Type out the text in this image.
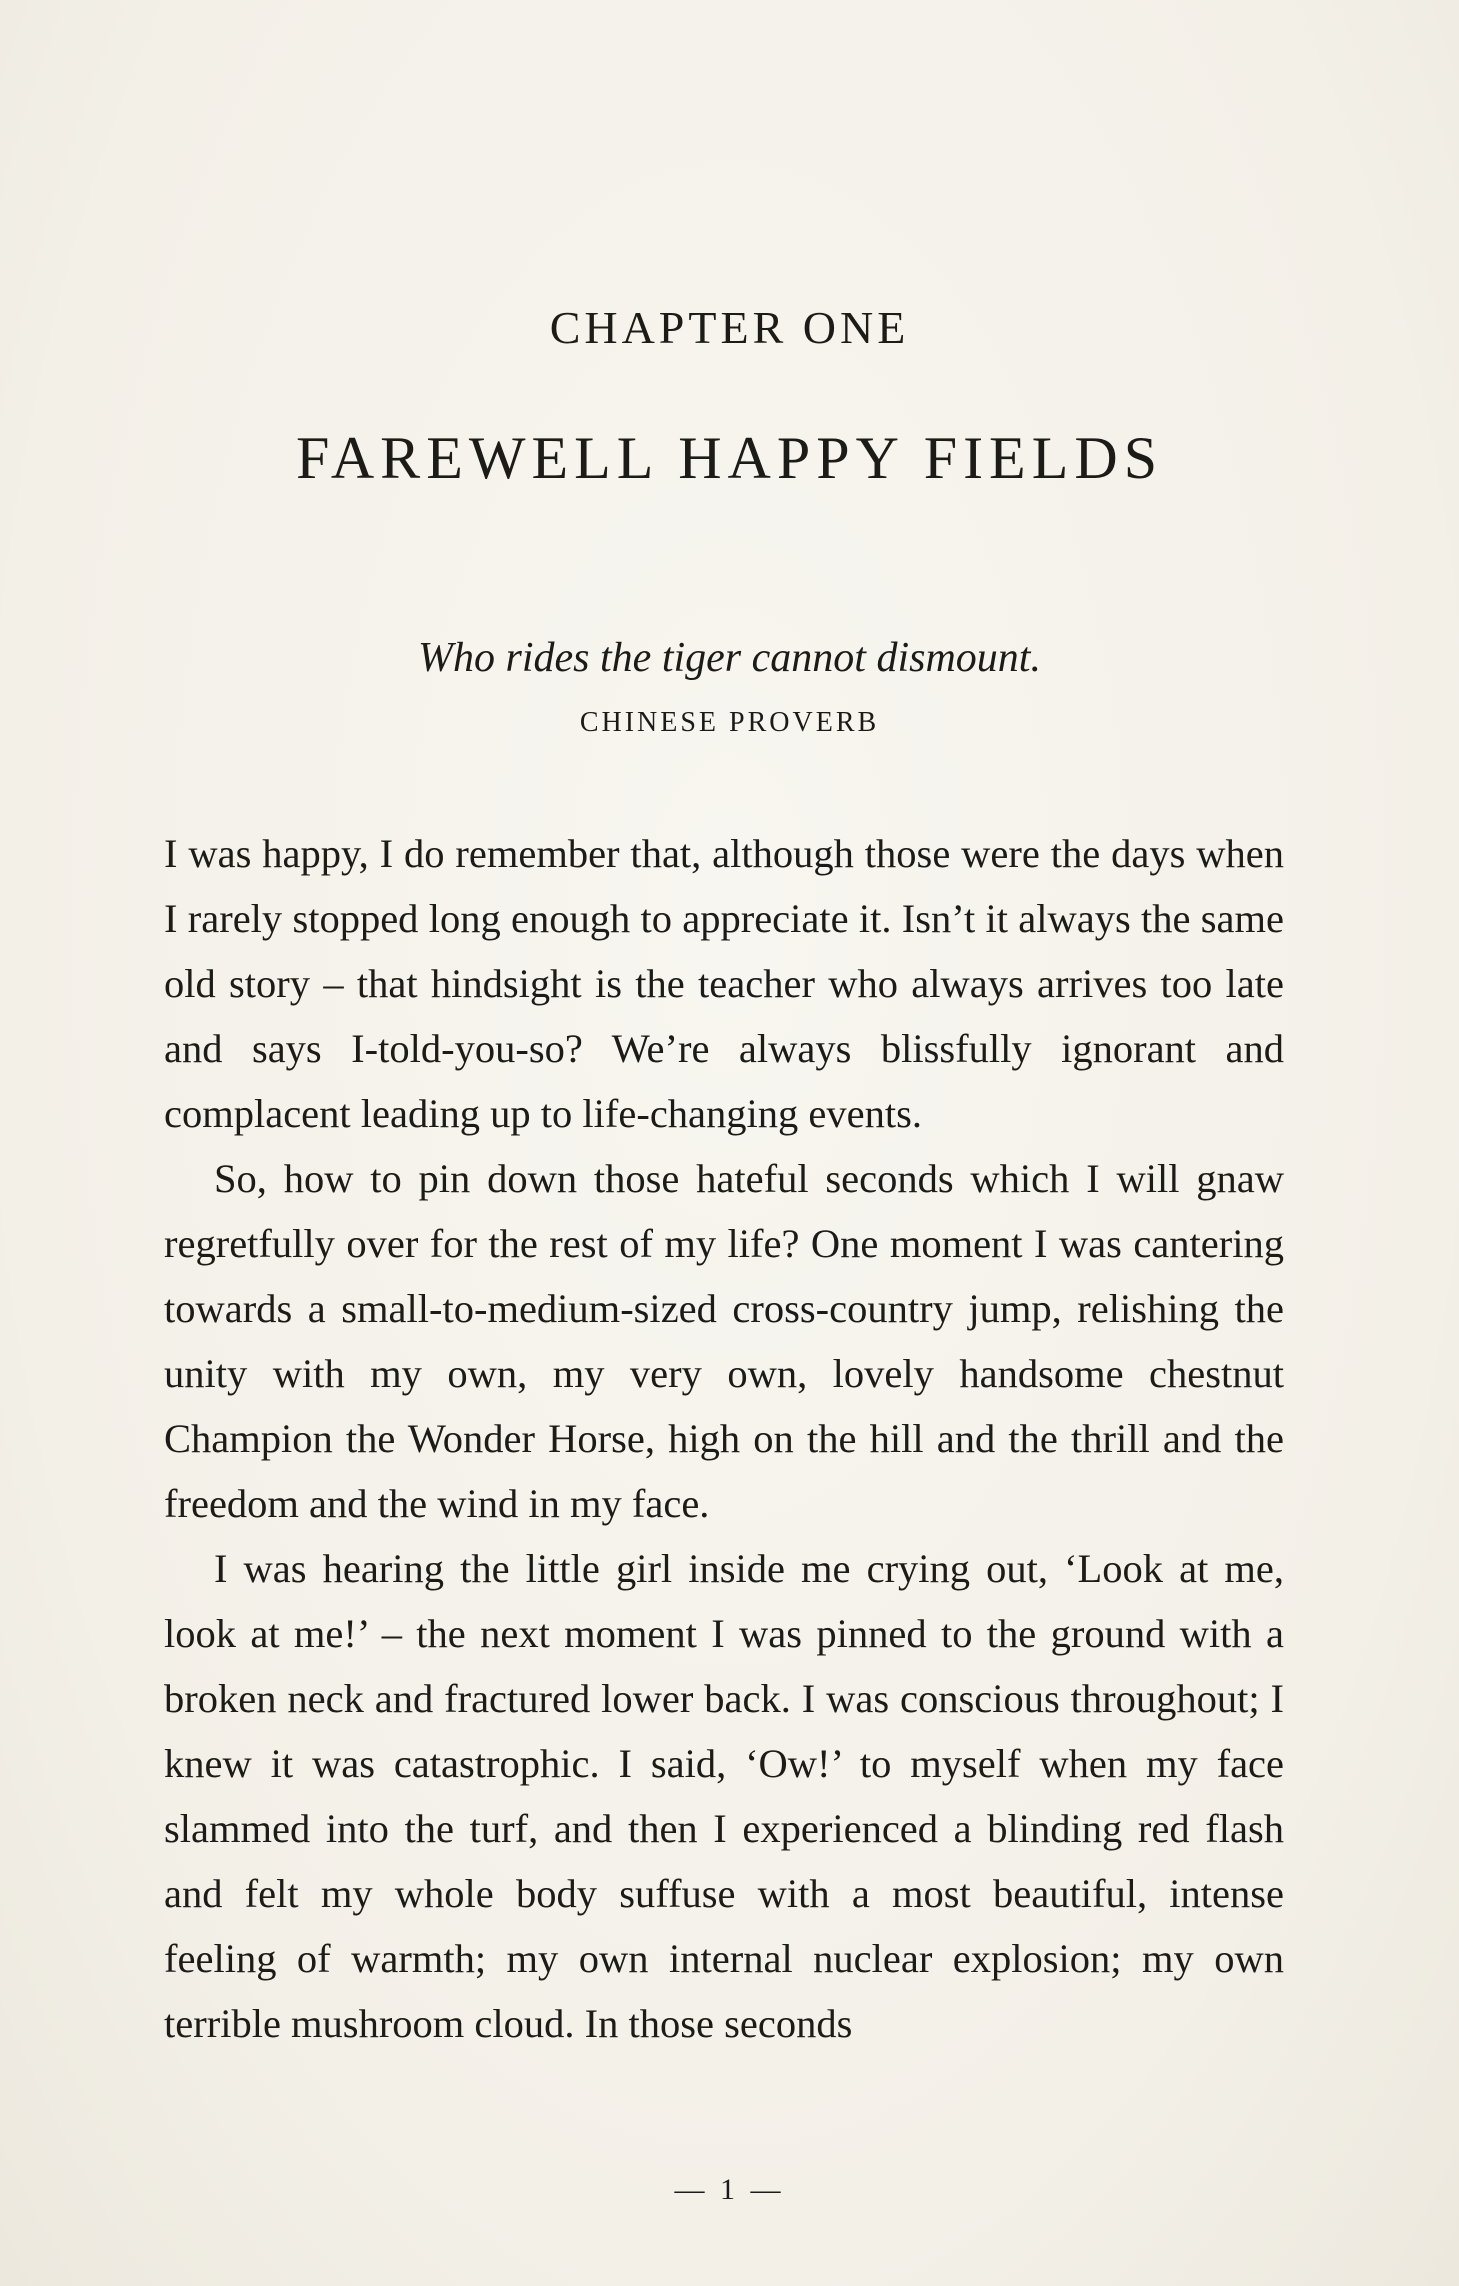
CHAPTER ONE
FAREWELL HAPPY FIELDS
Who rides the tiger cannot dismount.
CHINESE PROVERB

I was happy, I do remember that, although those were the days when I rarely stopped long enough to appreciate it. Isn’t it always the same old story – that hindsight is the teacher who always arrives too late and says I-told-you-so? We’re always blissfully ignorant and complacent leading up to life-changing events.

So, how to pin down those hateful seconds which I will gnaw regretfully over for the rest of my life? One moment I was cantering towards a small-to-medium-sized cross-country jump, relishing the unity with my own, my very own, lovely handsome chestnut Champion the Wonder Horse, high on the hill and the thrill and the freedom and the wind in my face.

I was hearing the little girl inside me crying out, ‘Look at me, look at me!’ – the next moment I was pinned to the ground with a broken neck and fractured lower back. I was conscious throughout; I knew it was catastrophic. I said, ‘Ow!’ to myself when my face slammed into the turf, and then I experienced a blinding red flash and felt my whole body suffuse with a most beautiful, intense feeling of warmth; my own internal nuclear explosion; my own terrible mushroom cloud. In those seconds

— 1 —
